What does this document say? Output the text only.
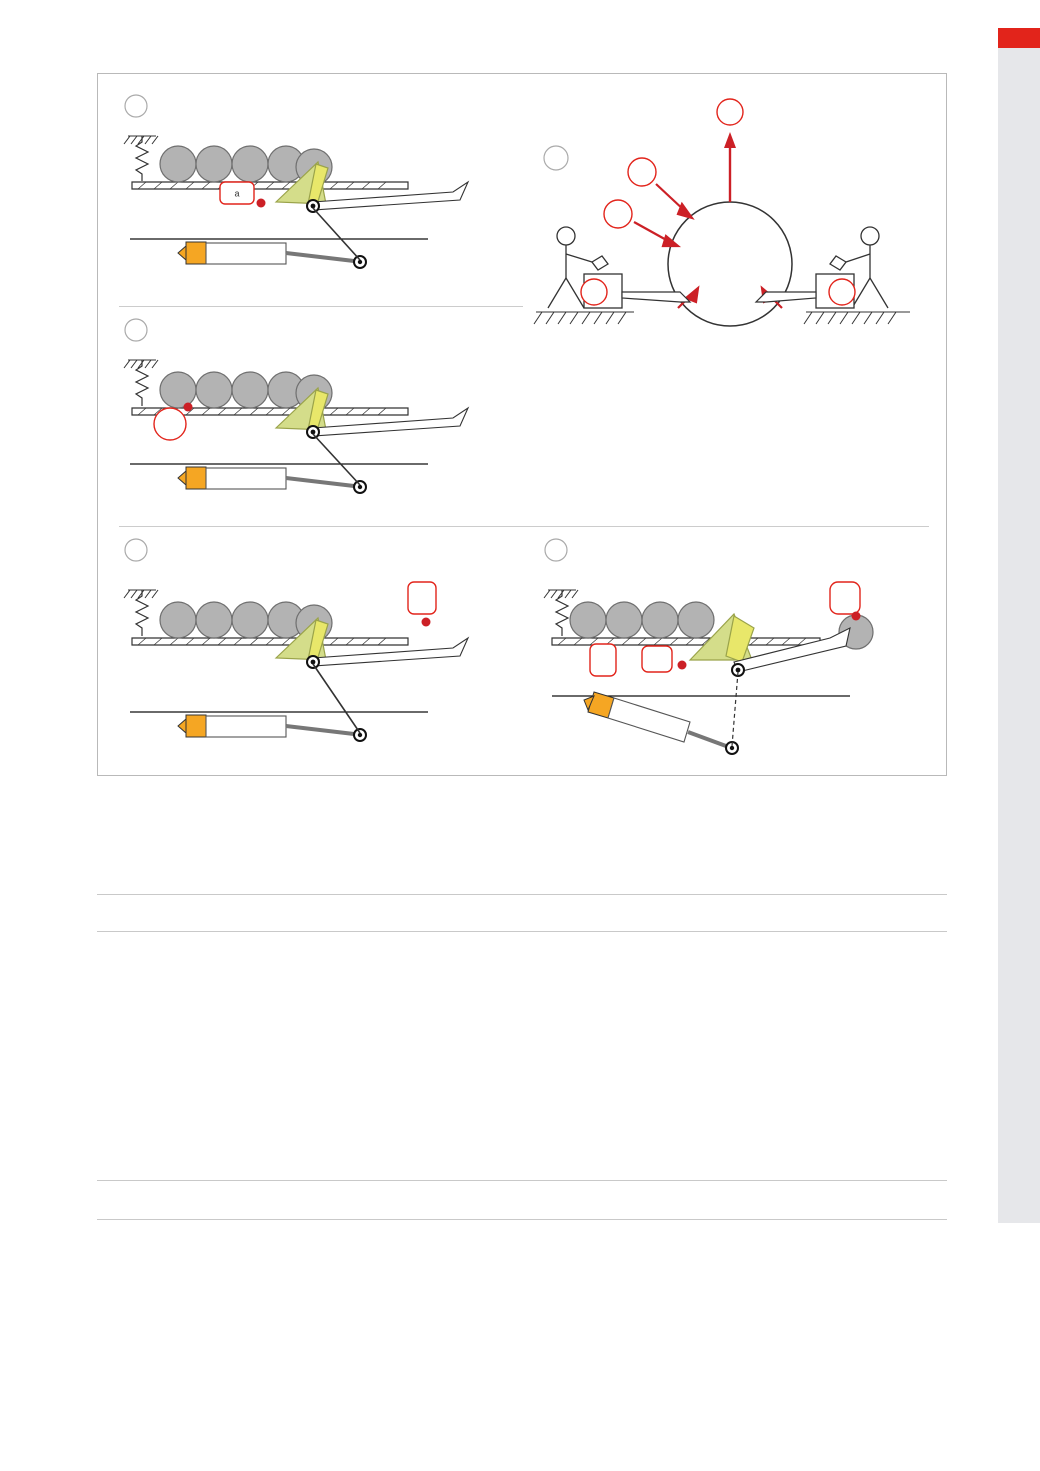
a
